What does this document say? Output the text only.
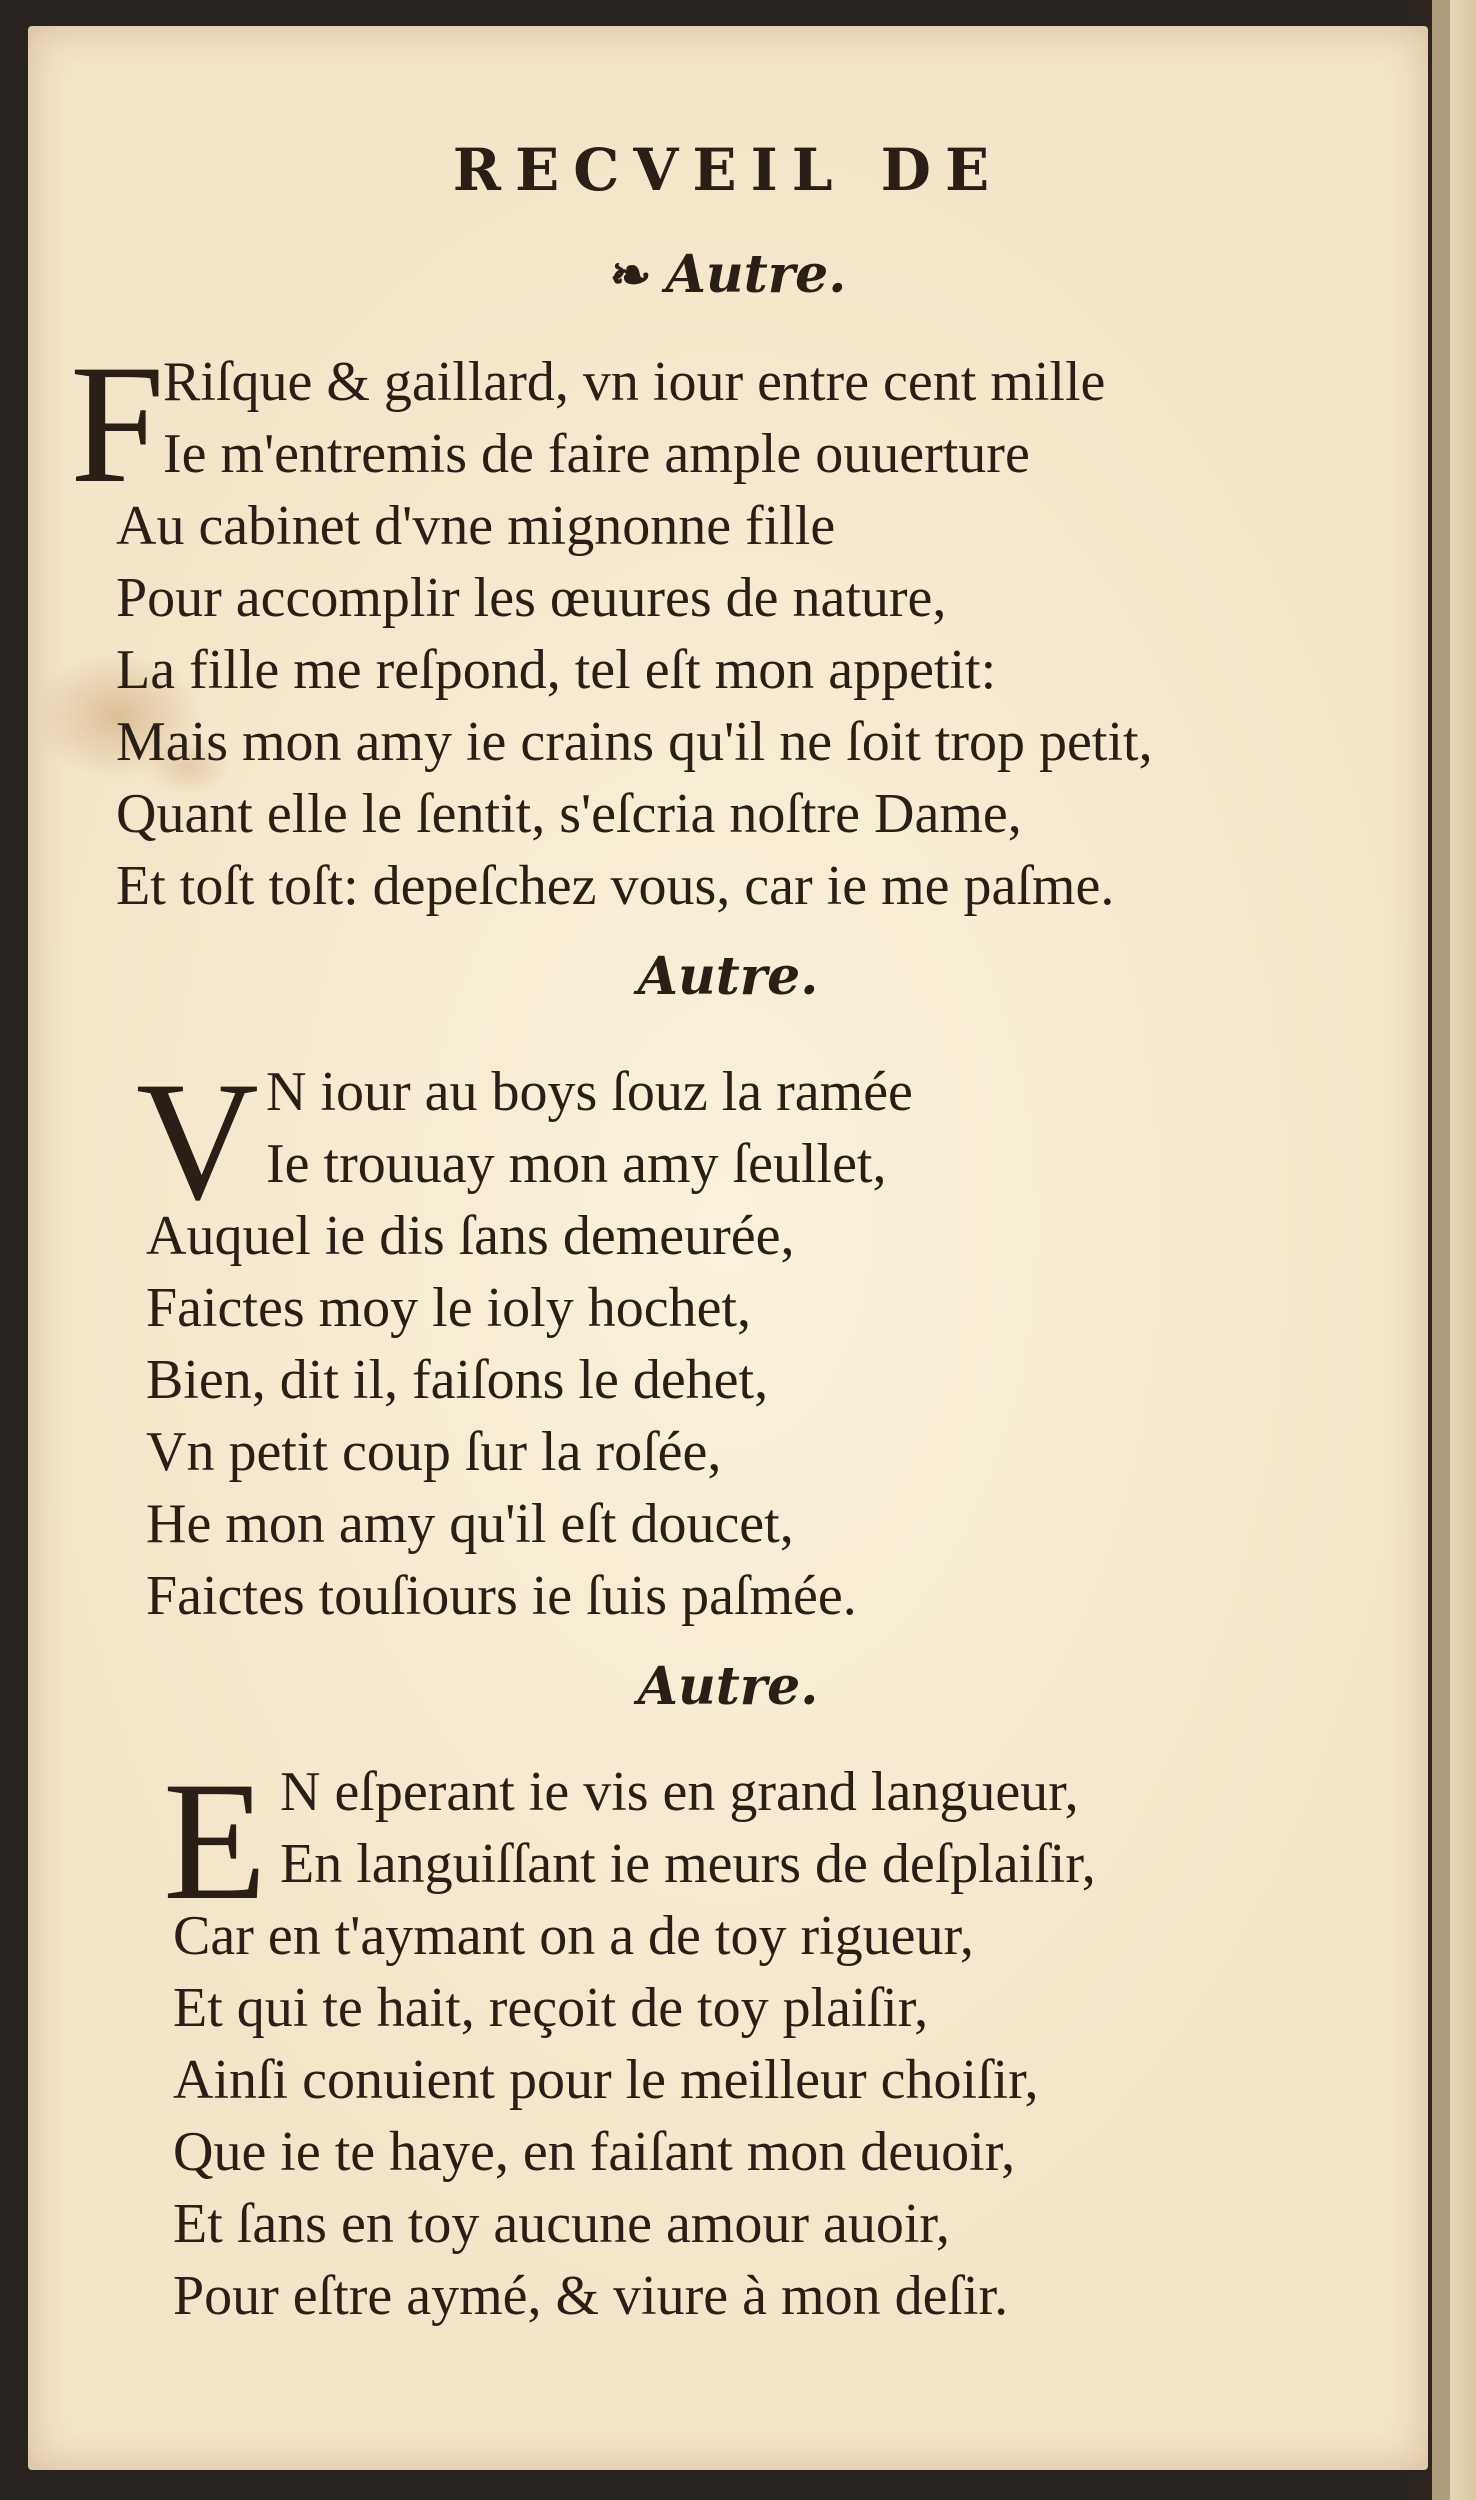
RECVEIL DE
❧ Autre.
F
Riſque & gaillard, vn iour entre cent mille
Ie m'entremis de faire ample ouuerture
Au cabinet d'vne mignonne fille
Pour accomplir les œuures de nature,
La fille me reſpond, tel eſt mon appetit:
Mais mon amy ie crains qu'il ne ſoit trop petit,
Quant elle le ſentit, s'eſcria noſtre Dame,
Et toſt toſt: depeſchez vous, car ie me paſme.
Autre.
V N iour au boys ſouz la ramée
Ie trouuay mon amy ſeullet,
Auquel ie dis ſans demeurée,
Faictes moy le ioly hochet,
Bien, dit il, faiſons le dehet,
Vn petit coup ſur la roſée,
He mon amy qu'il eſt doucet,
Faictes touſiours ie ſuis paſmée.
Autre.
E N eſperant ie vis en grand langueur,
En languiſſant ie meurs de deſplaiſir,
Car en t'aymant on a de toy rigueur,
Et qui te hait, reçoit de toy plaiſir,
Ainſi conuient pour le meilleur choiſir,
Que ie te haye, en faiſant mon deuoir,
Et ſans en toy aucune amour auoir,
Pour eſtre aymé, & viure à mon deſir.
